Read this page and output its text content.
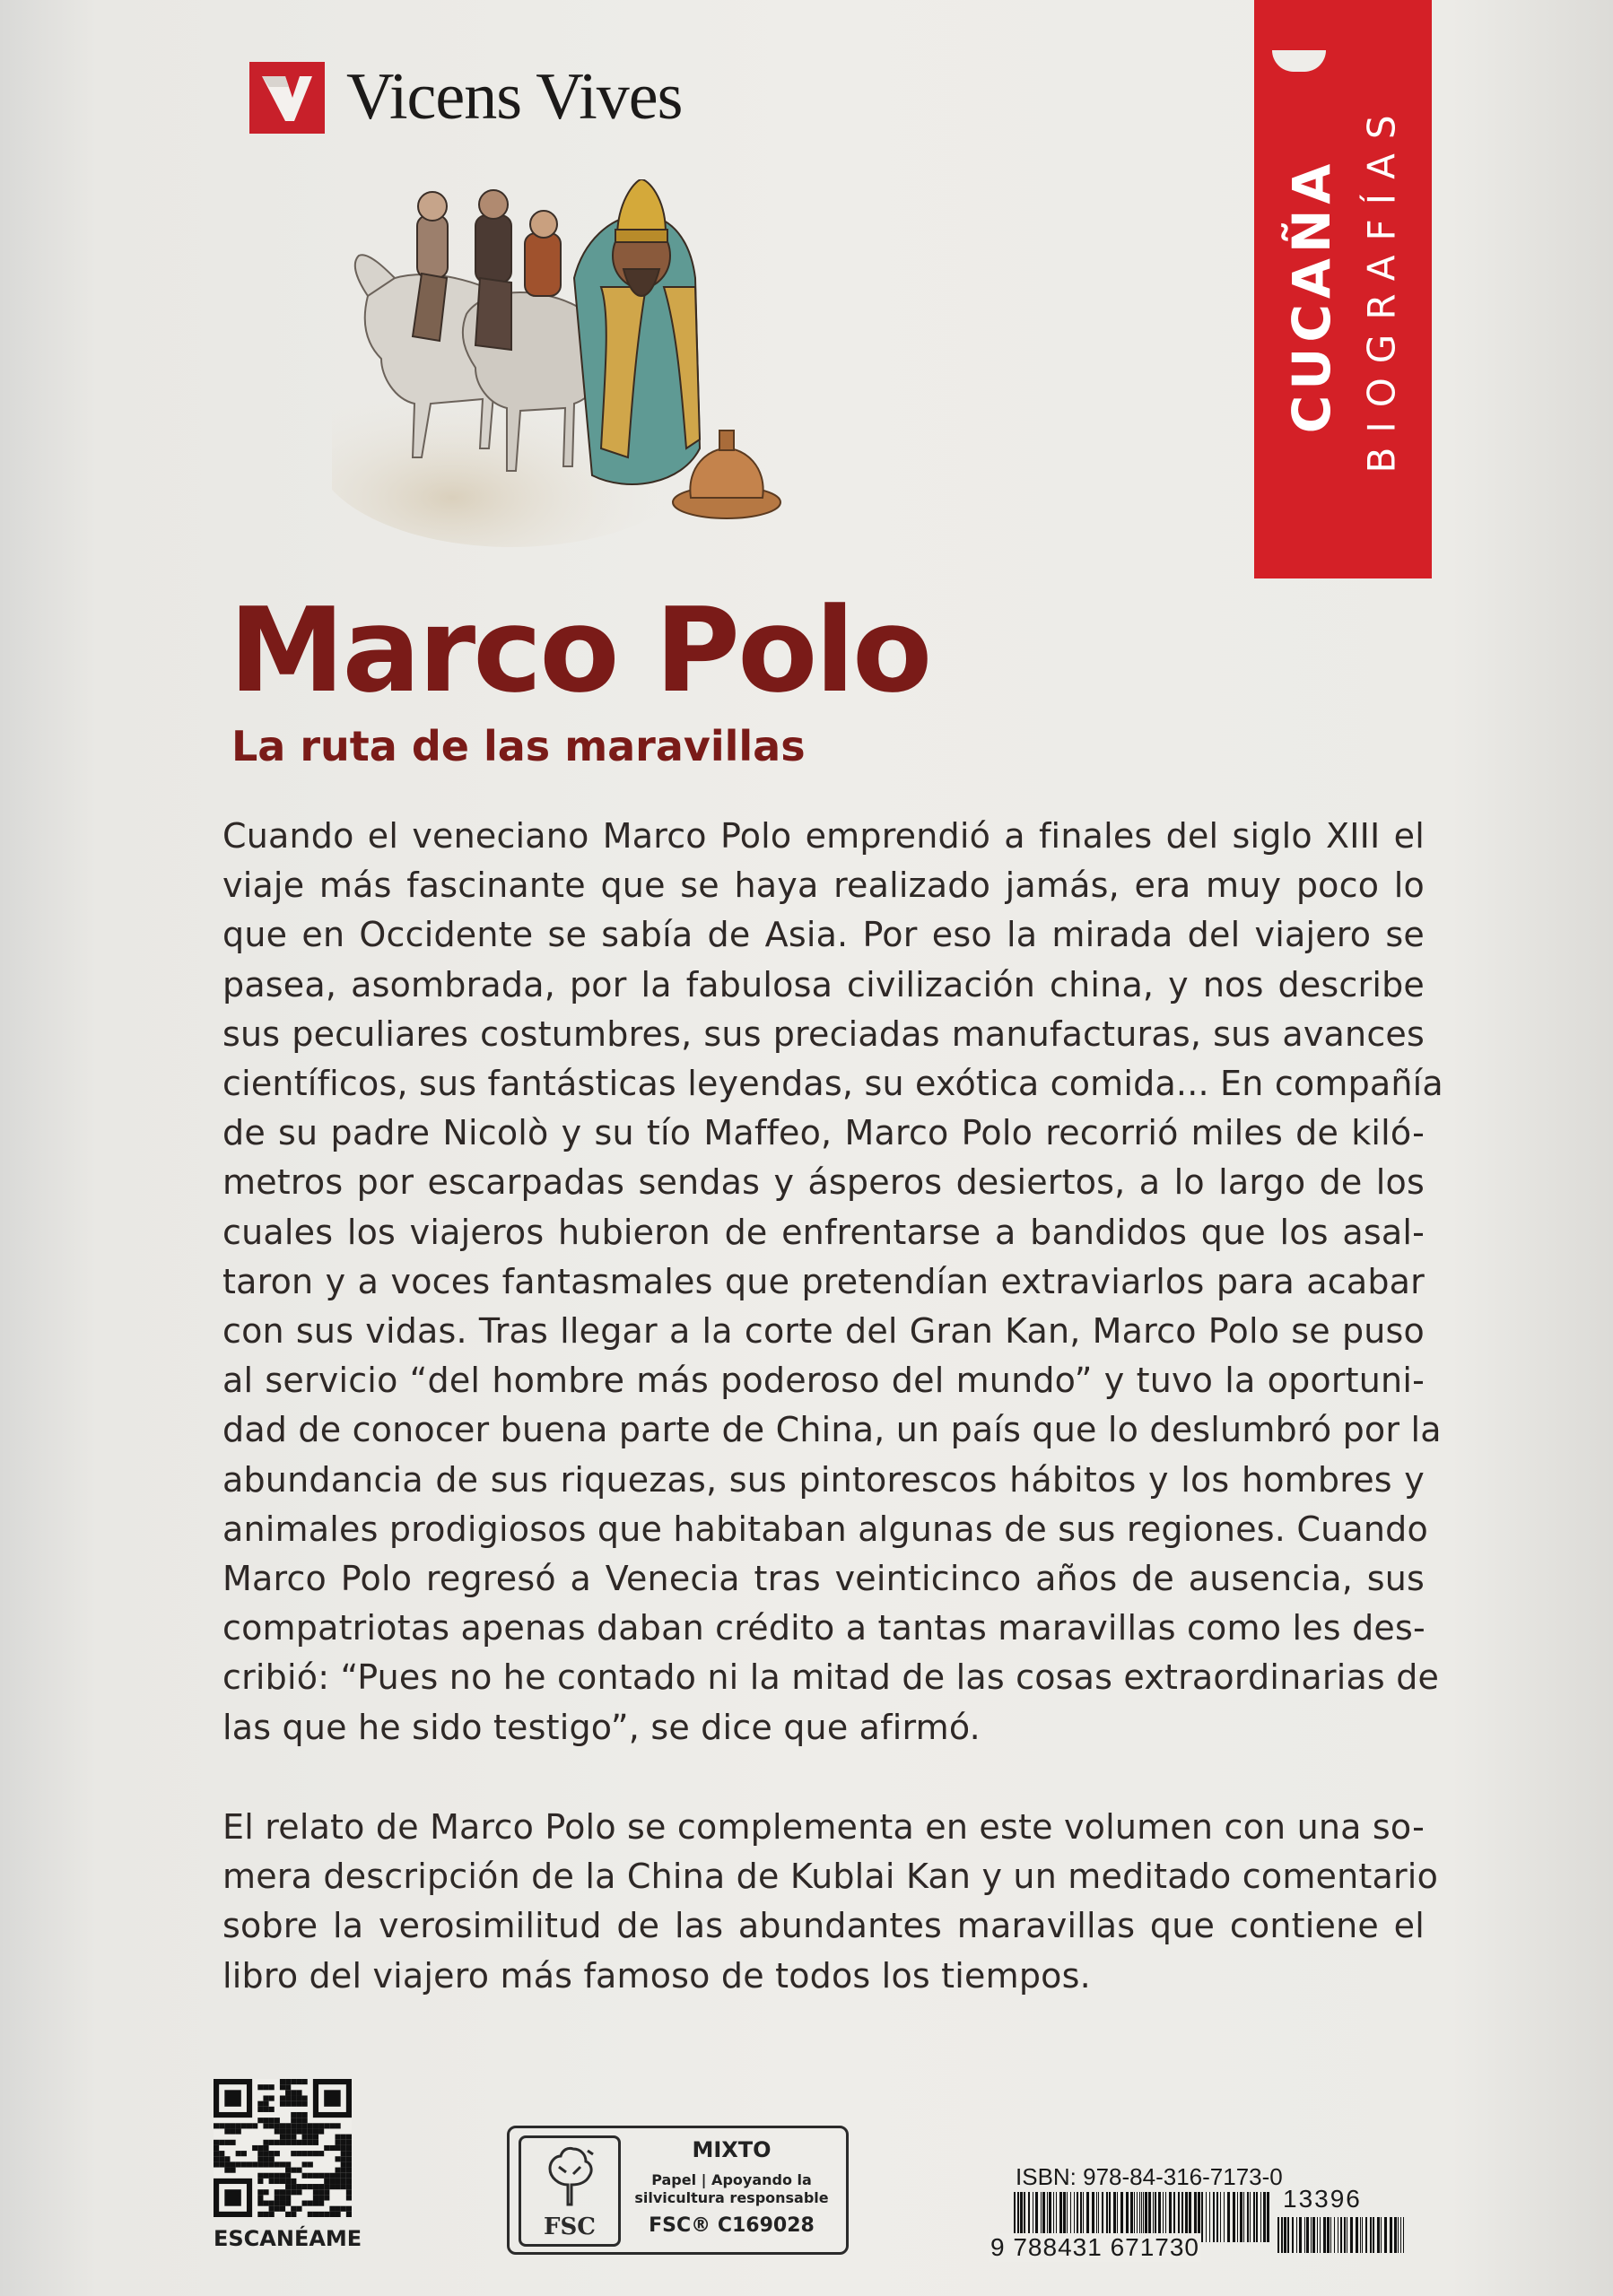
Vicens Vives
CUCAÑA BIOGRAFÍAS
Marco Polo
La ruta de las maravillas
Cuando el veneciano Marco Polo emprendió a finales del siglo XIII el
viaje más fascinante que se haya realizado jamás, era muy poco lo
que en Occidente se sabía de Asia. Por eso la mirada del viajero se
pasea, asombrada, por la fabulosa civilización china, y nos describe
sus peculiares costumbres, sus preciadas manufacturas, sus avances
científicos, sus fantásticas leyendas, su exótica comida... En compañía
de su padre Nicolò y su tío Maffeo, Marco Polo recorrió miles de kiló-
metros por escarpadas sendas y ásperos desiertos, a lo largo de los
cuales los viajeros hubieron de enfrentarse a bandidos que los asal-
taron y a voces fantasmales que pretendían extraviarlos para acabar
con sus vidas. Tras llegar a la corte del Gran Kan, Marco Polo se puso
al servicio “del hombre más poderoso del mundo” y tuvo la oportuni-
dad de conocer buena parte de China, un país que lo deslumbró por la
abundancia de sus riquezas, sus pintorescos hábitos y los hombres y
animales prodigiosos que habitaban algunas de sus regiones. Cuando
Marco Polo regresó a Venecia tras veinticinco años de ausencia, sus
compatriotas apenas daban crédito a tantas maravillas como les des-
cribió: “Pues no he contado ni la mitad de las cosas extraordinarias de
las que he sido testigo”, se dice que afirmó.
El relato de Marco Polo se complementa en este volumen con una so-
mera descripción de la China de Kublai Kan y un meditado comentario
sobre la verosimilitud de las abundantes maravillas que contiene el
libro del viajero más famoso de todos los tiempos.
ESCANÉAME	FSC
MIXTO
Papel | Apoyando la
silvicultura responsable
FSC® C169028
ISBN: 978-84-316-7173-0
9 788431 671730
13396
